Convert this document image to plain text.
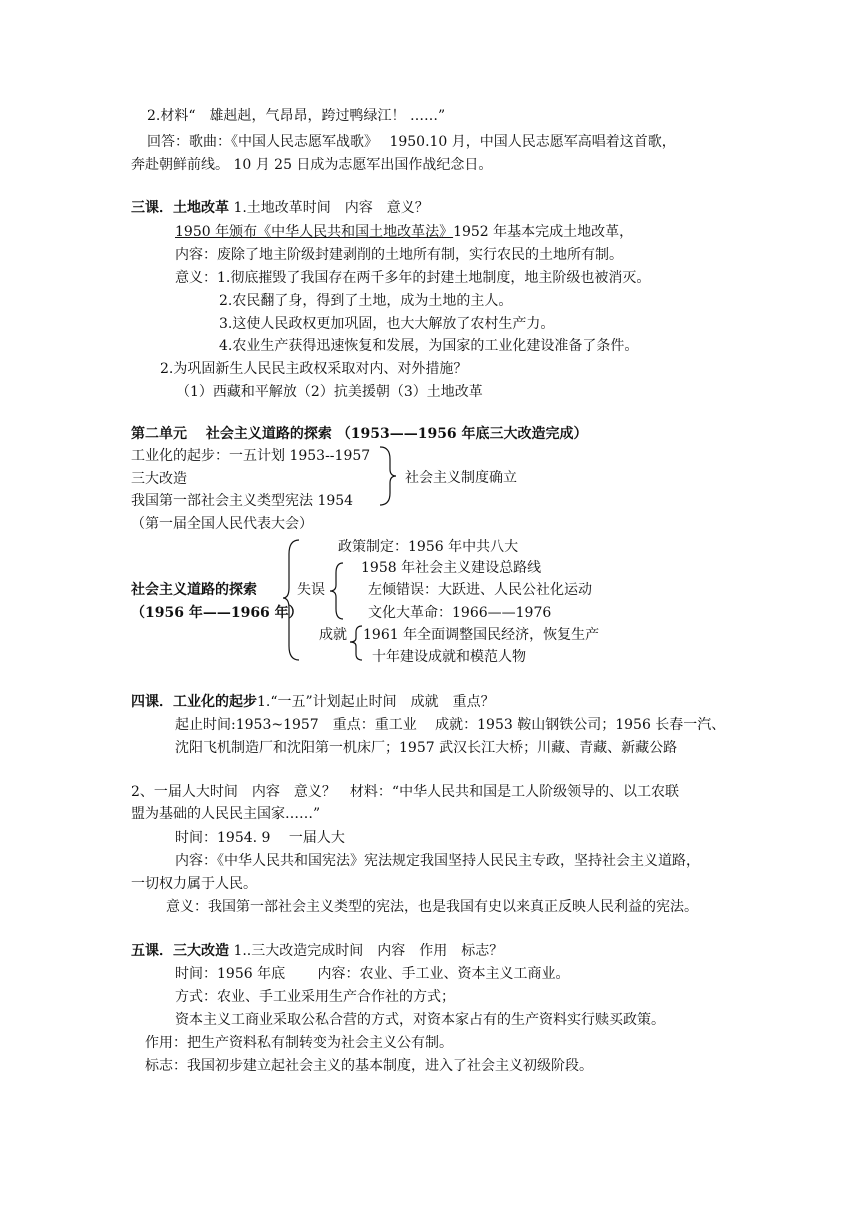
2.材料“　雄赳赳，气昂昂，跨过鸭绿江！ ……”
回答：歌曲：《中国人民志愿军战歌》　 1950.10 月，中国人民志愿军高唱着这首歌，
奔赴朝鲜前线。 10 月 25 日成为志愿军出国作战纪念日。
三课．土地改革 1.土地改革时间　内容　意义？
1950 年颁布《中华人民共和国土地改革法》1952 年基本完成土地改革，
内容：废除了地主阶级封建剥削的土地所有制，实行农民的土地所有制。
意义：1.彻底摧毁了我国存在两千多年的封建土地制度，地主阶级也被消灭。
2.农民翻了身，得到了土地，成为土地的主人。
3.这使人民政权更加巩固，也大大解放了农村生产力。
4.农业生产获得迅速恢复和发展，为国家的工业化建设准备了条件。
2.为巩固新生人民民主政权采取对内、对外措施？
（1）西藏和平解放（2）抗美援朝（3）土地改革
第二单元　 社会主义道路的探索 （1953——1956 年底三大改造完成）
工业化的起步：一五计划 1953--1957
三大改造
我国第一部社会主义类型宪法 1954
（第一届全国人民代表大会）
社会主义制度确立
社会主义道路的探索
（1956 年——1966 年）
政策制定：1956 年中共八大
失误
1958 年社会主义建设总路线
左倾错误：大跃进、人民公社化运动
文化大革命：1966——1976
成就 1961 年全面调整国民经济，恢复生产
十年建设成就和模范人物
四课．工业化的起步1.“一五”计划起止时间　成就　重点？
起止时间:1953~1957　重点：重工业　 成就：1953 鞍山钢铁公司；1956 长春一汽、
沈阳飞机制造厂和沈阳第一机床厂；1957 武汉长江大桥；川藏、青藏、新藏公路
2、一届人大时间　内容　意义？　材料：“中华人民共和国是工人阶级领导的、以工农联
盟为基础的人民民主国家……”
时间：1954. 9　 一届人大
内容：《中华人民共和国宪法》宪法规定我国坚持人民民主专政，坚持社会主义道路，
一切权力属于人民。
意义：我国第一部社会主义类型的宪法，也是我国有史以来真正反映人民利益的宪法。
五课．三大改造 1..三大改造完成时间　内容　作用　标志？
时间：1956 年底　　 内容：农业、手工业、资本主义工商业。
方式：农业、手工业采用生产合作社的方式；
资本主义工商业采取公私合营的方式，对资本家占有的生产资料实行赎买政策。
作用：把生产资料私有制转变为社会主义公有制。
标志：我国初步建立起社会主义的基本制度，进入了社会主义初级阶段。
